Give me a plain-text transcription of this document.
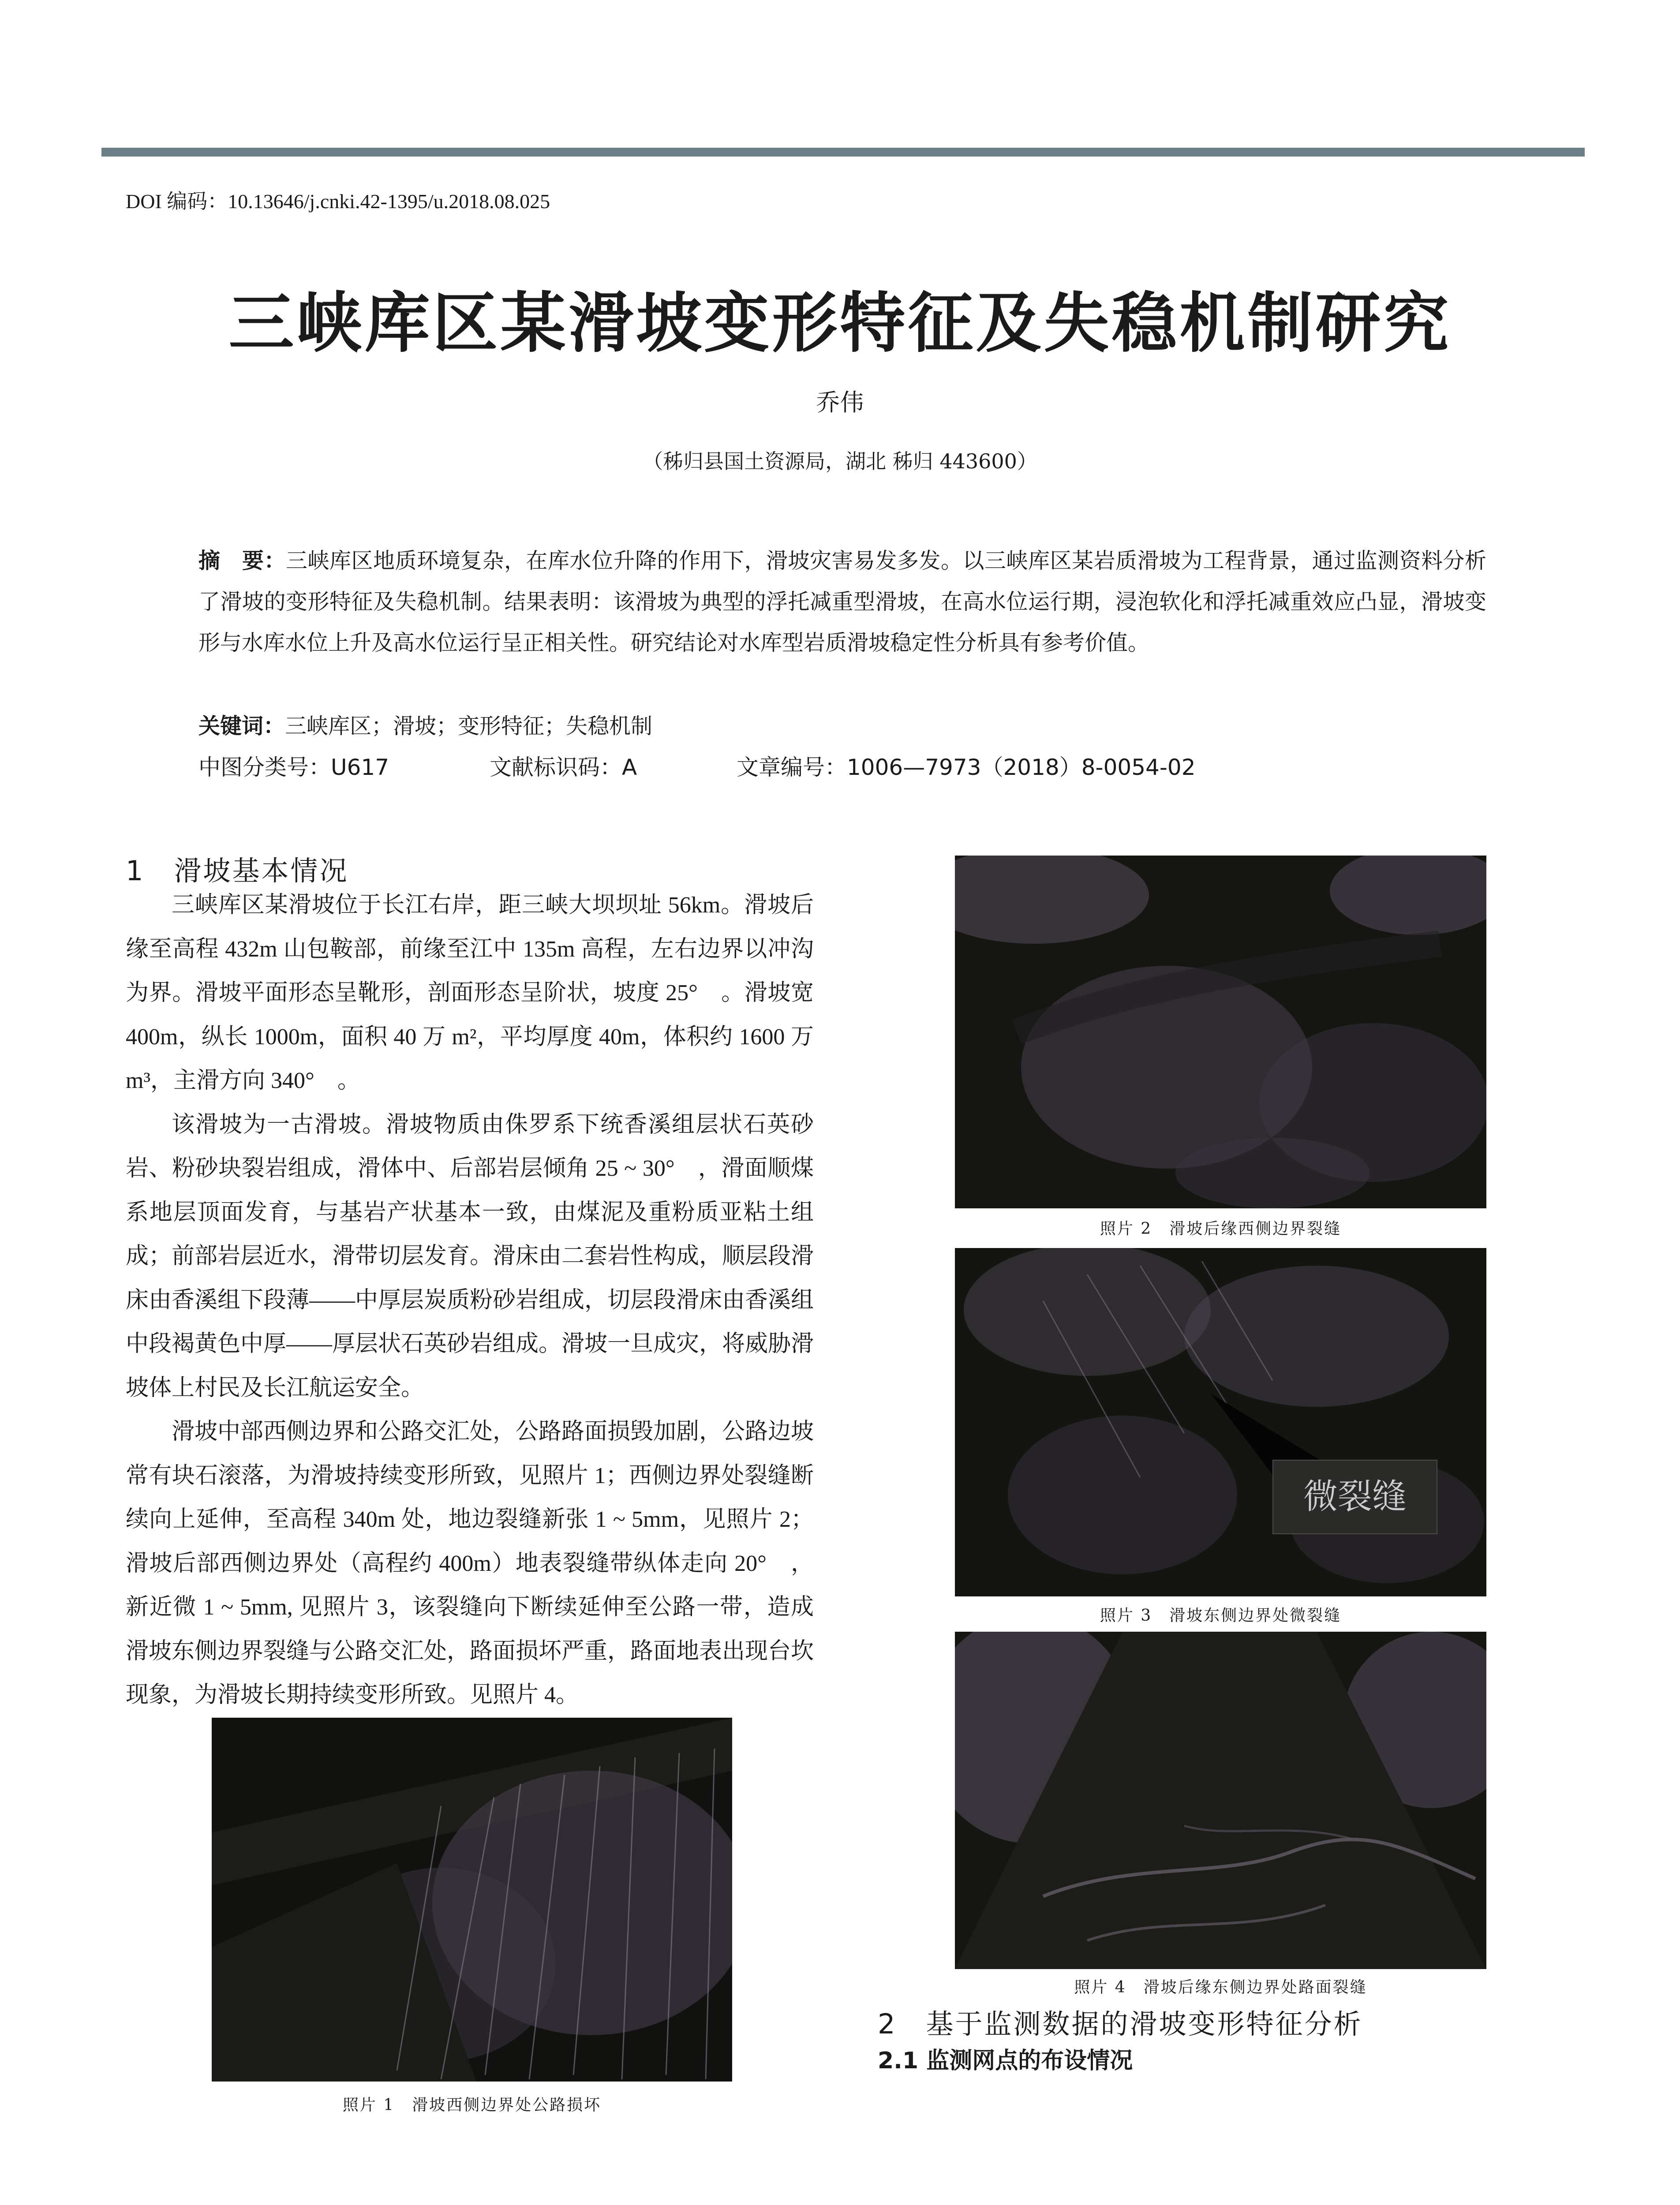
DOI 编码：10.13646/j.cnki.42-1395/u.2018.08.025
三峡库区某滑坡变形特征及失稳机制研究
乔伟
（秭归县国土资源局，湖北 秭归 443600）
摘　要：三峡库区地质环境复杂，在库水位升降的作用下，滑坡灾害易发多发。以三峡库区某岩质滑坡为工程背景，通过监测资料分析了滑坡的变形特征及失稳机制。结果表明：该滑坡为典型的浮托减重型滑坡，在高水位运行期，浸泡软化和浮托减重效应凸显，滑坡变形与水库水位上升及高水位运行呈正相关性。研究结论对水库型岩质滑坡稳定性分析具有参考价值。
关键词：三峡库区；滑坡；变形特征；失稳机制
中图分类号：U617	文献标识码：A	文章编号：1006—7973（2018）8-0054-02
1　滑坡基本情况

三峡库区某滑坡位于长江右岸，距三峡大坝坝址 56km。滑坡后缘至高程 432m 山包鞍部，前缘至江中 135m 高程，左右边界以冲沟为界。滑坡平面形态呈靴形，剖面形态呈阶状，坡度 25°　。滑坡宽 400m，纵长 1000m，面积 40 万 m²，平均厚度 40m，体积约 1600 万 m³，主滑方向 340°　。

该滑坡为一古滑坡。滑坡物质由侏罗系下统香溪组层状石英砂岩、粉砂块裂岩组成，滑体中、后部岩层倾角 25 ~ 30°　，滑面顺煤系地层顶面发育，与基岩产状基本一致，由煤泥及重粉质亚粘土组成；前部岩层近水，滑带切层发育。滑床由二套岩性构成，顺层段滑床由香溪组下段薄——中厚层炭质粉砂岩组成，切层段滑床由香溪组中段褐黄色中厚——厚层状石英砂岩组成。滑坡一旦成灾，将威胁滑坡体上村民及长江航运安全。

滑坡中部西侧边界和公路交汇处，公路路面损毁加剧，公路边坡常有块石滚落，为滑坡持续变形所致，见照片 1；西侧边界处裂缝断续向上延伸，至高程 340m 处，地边裂缝新张 1 ~ 5mm，见照片 2；滑坡后部西侧边界处（高程约 400m）地表裂缝带纵体走向 20°　，新近微 1 ~ 5mm, 见照片 3，该裂缝向下断续延伸至公路一带，造成滑坡东侧边界裂缝与公路交汇处，路面损坏严重，路面地表出现台坎现象，为滑坡长期持续变形所致。见照片 4。

照片 1　滑坡西侧边界处公路损坏
照片 2　滑坡后缘西侧边界裂缝
微裂缝
照片 3　滑坡东侧边界处微裂缝
照片 4　滑坡后缘东侧边界处路面裂缝
2　基于监测数据的滑坡变形特征分析
2.1 监测网点的布设情况
